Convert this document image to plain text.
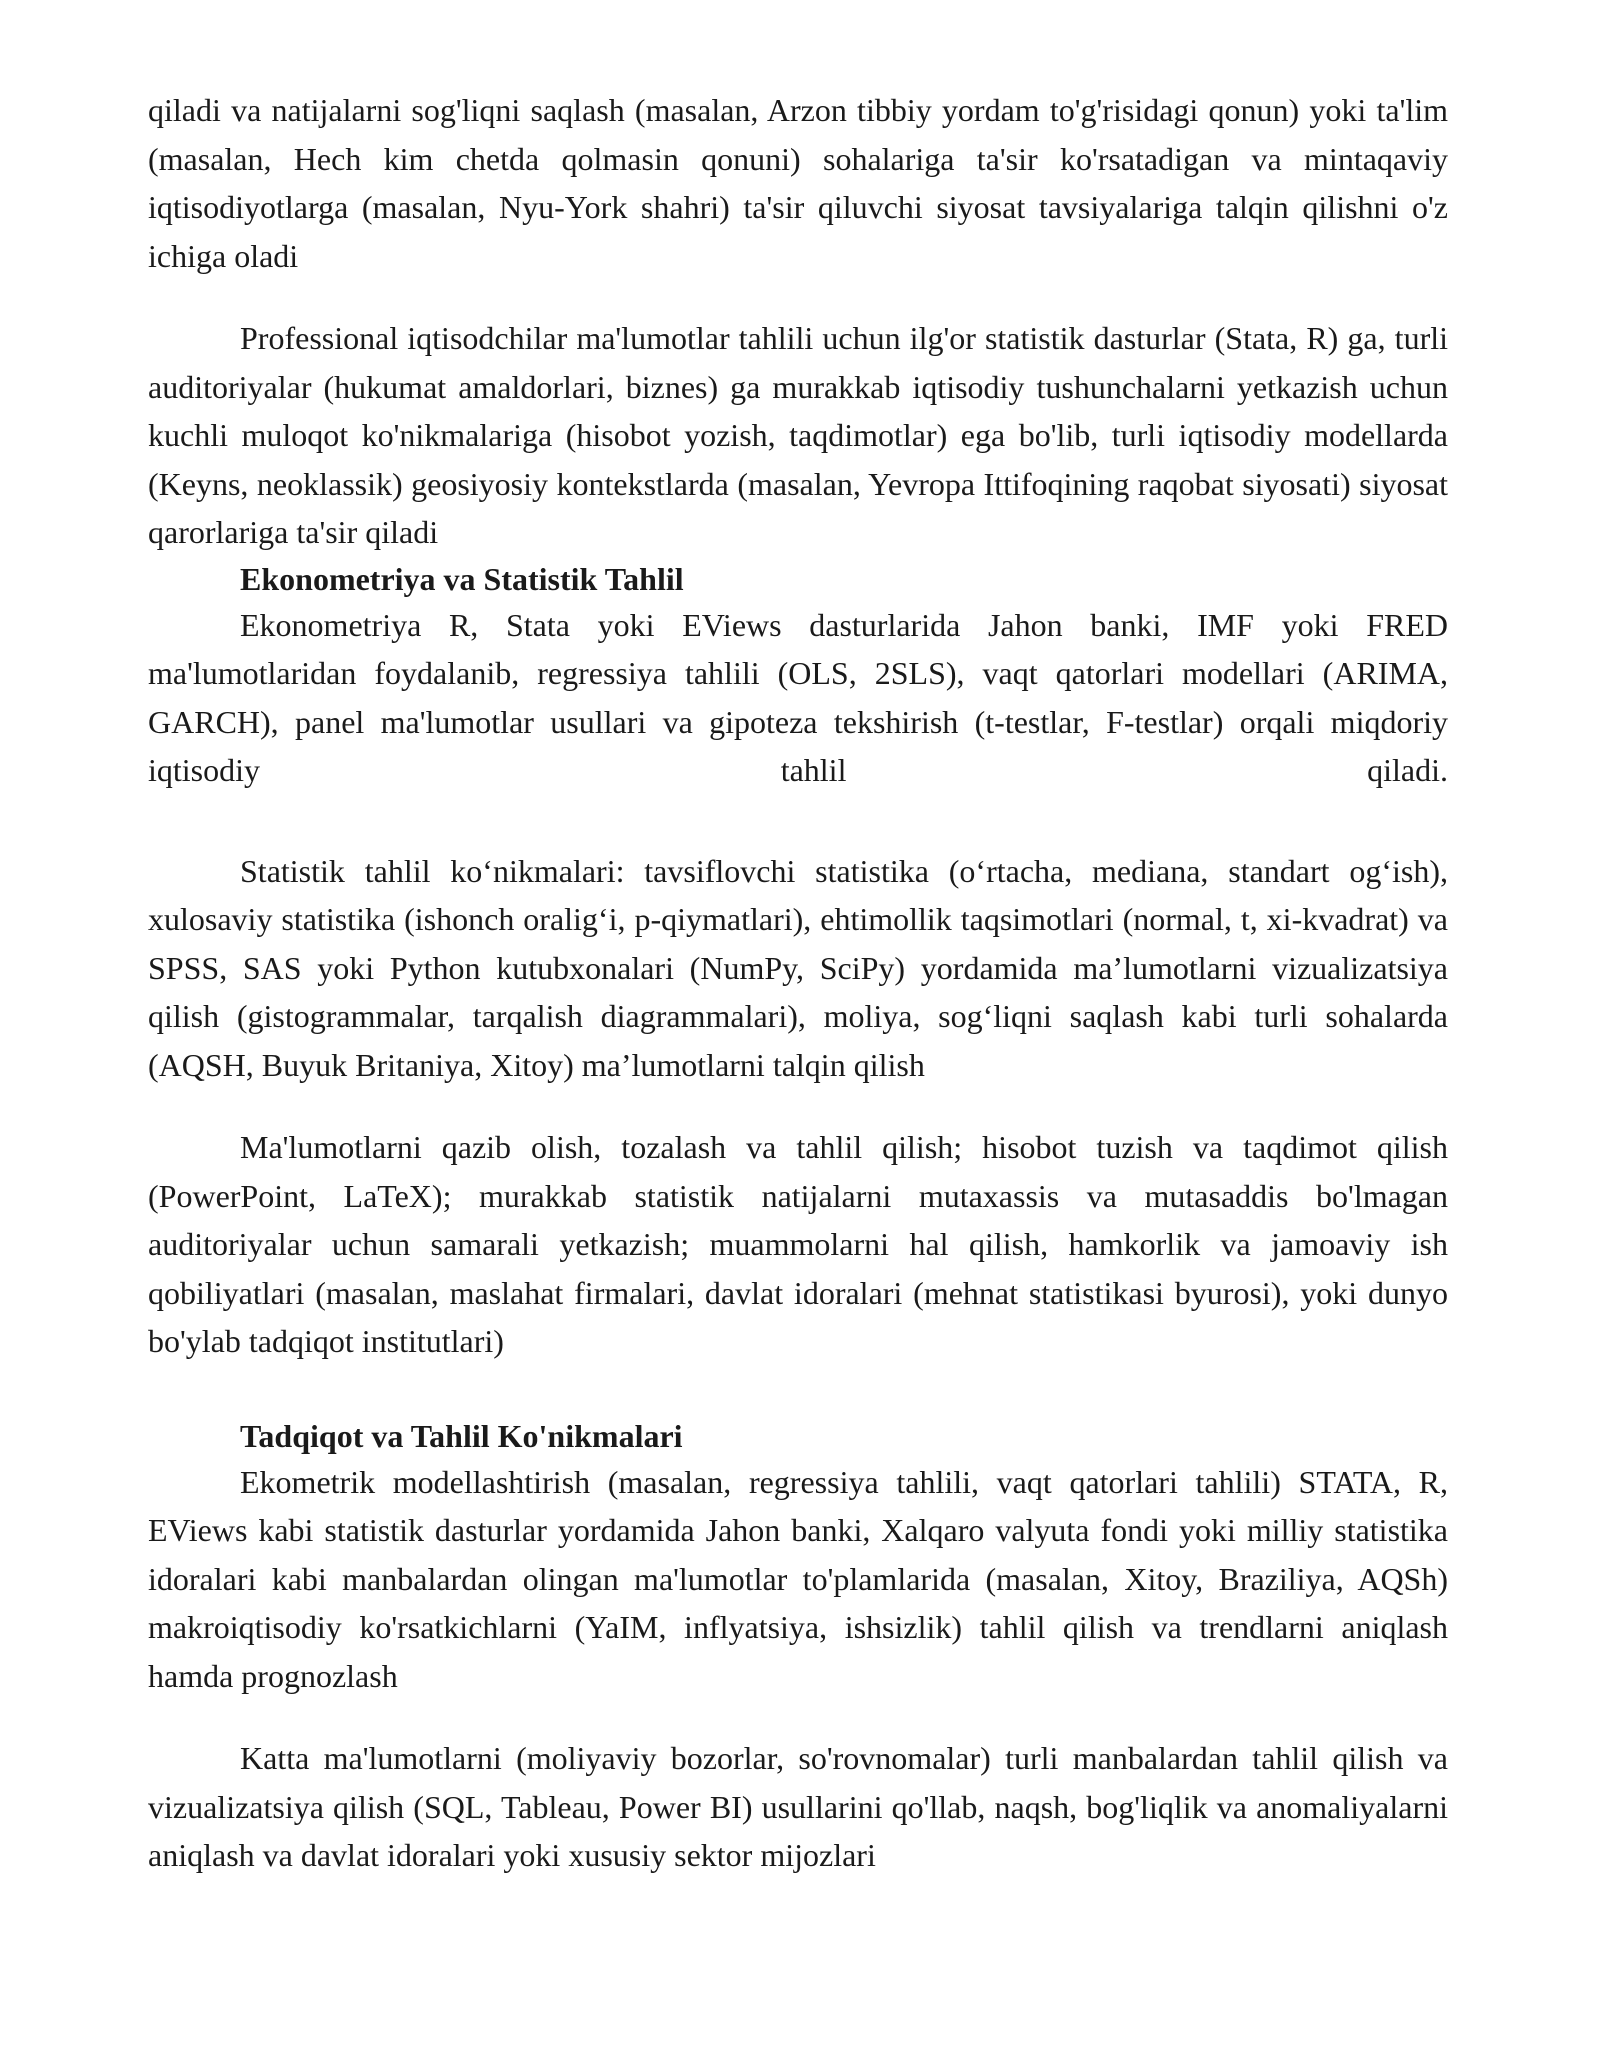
qiladi va natijalarni sog'liqni saqlash (masalan, Arzon tibbiy yordam to'g'risidagi qonun) yoki ta'lim (masalan, Hech kim chetda qolmasin qonuni) sohalariga ta'sir ko'rsatadigan va mintaqaviy iqtisodiyotlarga (masalan, Nyu-York shahri) ta'sir qiluvchi siyosat tavsiyalariga talqin qilishni o'z ichiga oladi

Professional iqtisodchilar ma'lumotlar tahlili uchun ilg'or statistik dasturlar (Stata, R) ga, turli auditoriyalar (hukumat amaldorlari, biznes) ga murakkab iqtisodiy tushunchalarni yetkazish uchun kuchli muloqot ko'nikmalariga (hisobot yozish, taqdimotlar) ega bo'lib, turli iqtisodiy modellarda (Keyns, neoklassik) geosiyosiy kontekstlarda (masalan, Yevropa Ittifoqining raqobat siyosati) siyosat qarorlariga ta'sir qiladi

Ekonometriya va Statistik Tahlil

Ekonometriya R, Stata yoki EViews dasturlarida Jahon banki, IMF yoki FRED ma'lumotlaridan foydalanib, regressiya tahlili (OLS, 2SLS), vaqt qatorlari modellari (ARIMA, GARCH), panel ma'lumotlar usullari va gipoteza tekshirish (t-testlar, F-testlar) orqali miqdoriy iqtisodiy tahlil qiladi.

Statistik tahlil ko‘nikmalari: tavsiflovchi statistika (o‘rtacha, mediana, standart og‘ish), xulosaviy statistika (ishonch oralig‘i, p-qiymatlari), ehtimollik taqsimotlari (normal, t, xi-kvadrat) va SPSS, SAS yoki Python kutubxonalari (NumPy, SciPy) yordamida ma’lumotlarni vizualizatsiya qilish (gistogrammalar, tarqalish diagrammalari), moliya, sog‘liqni saqlash kabi turli sohalarda (AQSH, Buyuk Britaniya, Xitoy) ma’lumotlarni talqin qilish

Ma'lumotlarni qazib olish, tozalash va tahlil qilish; hisobot tuzish va taqdimot qilish (PowerPoint, LaTeX); murakkab statistik natijalarni mutaxassis va mutasaddis bo'lmagan auditoriyalar uchun samarali yetkazish; muammolarni hal qilish, hamkorlik va jamoaviy ish qobiliyatlari (masalan, maslahat firmalari, davlat idoralari (mehnat statistikasi byurosi), yoki dunyo bo'ylab tadqiqot institutlari)

Tadqiqot va Tahlil Ko'nikmalari

Ekometrik modellashtirish (masalan, regressiya tahlili, vaqt qatorlari tahlili) STATA, R, EViews kabi statistik dasturlar yordamida Jahon banki, Xalqaro valyuta fondi yoki milliy statistika idoralari kabi manbalardan olingan ma'lumotlar to'plamlarida (masalan, Xitoy, Braziliya, AQSh) makroiqtisodiy ko'rsatkichlarni (YaIM, inflyatsiya, ishsizlik) tahlil qilish va trendlarni aniqlash hamda prognozlash

Katta ma'lumotlarni (moliyaviy bozorlar, so'rovnomalar) turli manbalardan tahlil qilish va vizualizatsiya qilish (SQL, Tableau, Power BI) usullarini qo'llab, naqsh, bog'liqlik va anomaliyalarni aniqlash va davlat idoralari yoki xususiy sektor mijozlari
